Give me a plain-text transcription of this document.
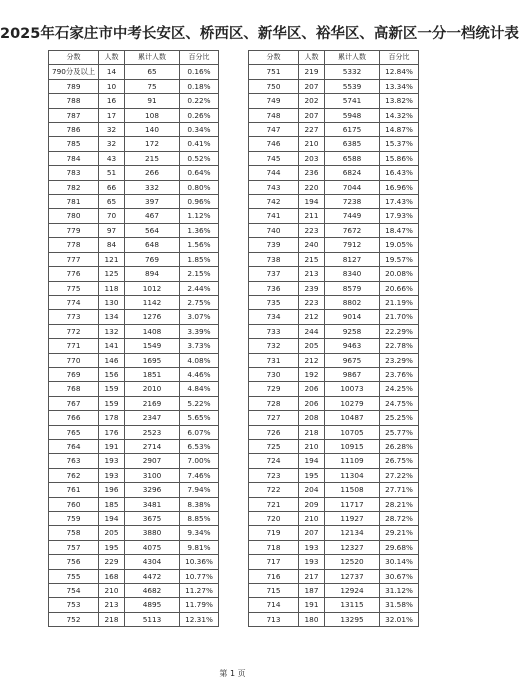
2025年石家庄市中考长安区、桥西区、新华区、裕华区、高新区一分一档统计表
分数	人数	累计人数	百分比
790分及以上	14	65	0.16%
789	10	75	0.18%
788	16	91	0.22%
787	17	108	0.26%
786	32	140	0.34%
785	32	172	0.41%
784	43	215	0.52%
783	51	266	0.64%
782	66	332	0.80%
781	65	397	0.96%
780	70	467	1.12%
779	97	564	1.36%
778	84	648	1.56%
777	121	769	1.85%
776	125	894	2.15%
775	118	1012	2.44%
774	130	1142	2.75%
773	134	1276	3.07%
772	132	1408	3.39%
771	141	1549	3.73%
770	146	1695	4.08%
769	156	1851	4.46%
768	159	2010	4.84%
767	159	2169	5.22%
766	178	2347	5.65%
765	176	2523	6.07%
764	191	2714	6.53%
763	193	2907	7.00%
762	193	3100	7.46%
761	196	3296	7.94%
760	185	3481	8.38%
759	194	3675	8.85%
758	205	3880	9.34%
757	195	4075	9.81%
756	229	4304	10.36%
755	168	4472	10.77%
754	210	4682	11.27%
753	213	4895	11.79%
752	218	5113	12.31%
分数	人数	累计人数	百分比
751	219	5332	12.84%
750	207	5539	13.34%
749	202	5741	13.82%
748	207	5948	14.32%
747	227	6175	14.87%
746	210	6385	15.37%
745	203	6588	15.86%
744	236	6824	16.43%
743	220	7044	16.96%
742	194	7238	17.43%
741	211	7449	17.93%
740	223	7672	18.47%
739	240	7912	19.05%
738	215	8127	19.57%
737	213	8340	20.08%
736	239	8579	20.66%
735	223	8802	21.19%
734	212	9014	21.70%
733	244	9258	22.29%
732	205	9463	22.78%
731	212	9675	23.29%
730	192	9867	23.76%
729	206	10073	24.25%
728	206	10279	24.75%
727	208	10487	25.25%
726	218	10705	25.77%
725	210	10915	26.28%
724	194	11109	26.75%
723	195	11304	27.22%
722	204	11508	27.71%
721	209	11717	28.21%
720	210	11927	28.72%
719	207	12134	29.21%
718	193	12327	29.68%
717	193	12520	30.14%
716	217	12737	30.67%
715	187	12924	31.12%
714	191	13115	31.58%
713	180	13295	32.01%
第 1 页
